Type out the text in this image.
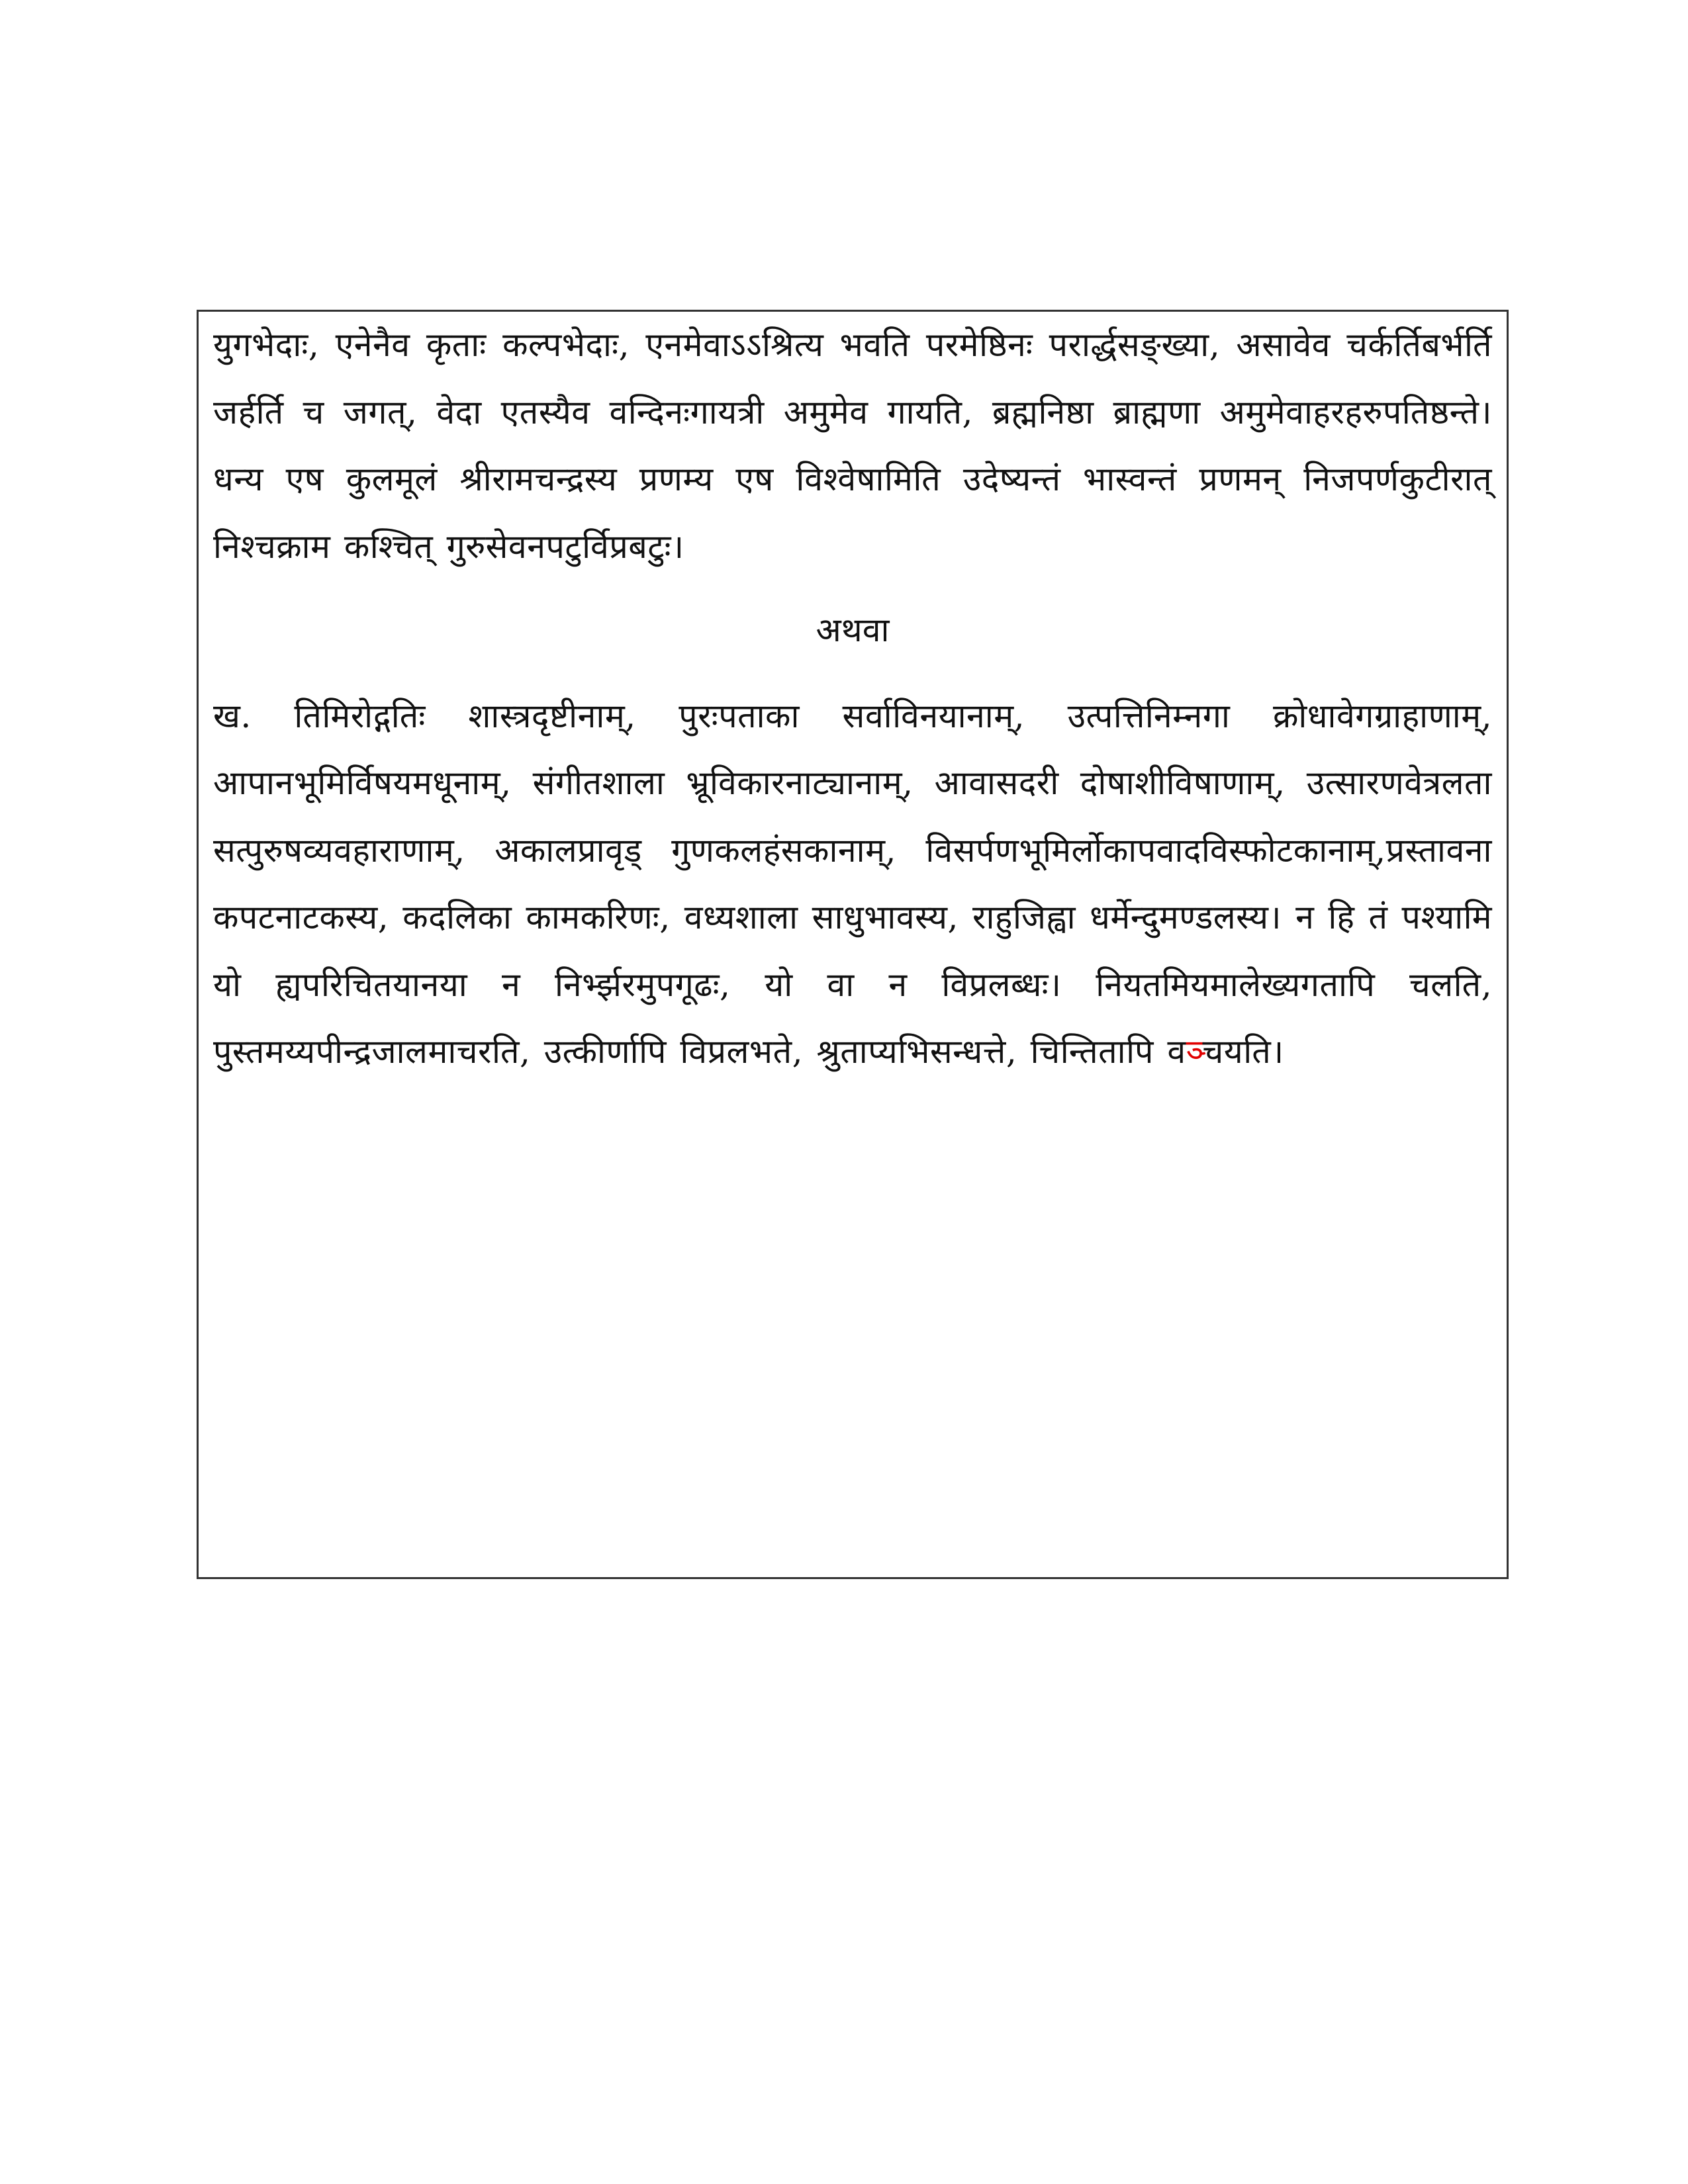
युगभेदाः, एनेनैव कृताः कल्पभेदाः, एनमेवाऽऽश्रित्य भवति परमेष्ठिनः परार्द्धसङ्ख्या, असावेव चर्कर्तिबर्भर्ति जर्हर्ति च जगत्, वेदा एतस्यैव वन्दिनःगायत्री अमुमेव गायति, ब्रह्मनिष्ठा ब्राह्मणा अमुमेवाहरहरुपतिष्ठन्ते। धन्य एष कुलमूलं श्रीरामचन्द्रस्य प्रणम्य एष विश्वेषामिति उदेष्यन्तं भास्वन्तं प्रणमन् निजपर्णकुटीरात् निश्चक्राम कश्चित् गुरुसेवनपटुर्विप्रबटुः।

अथवा

ख. तिमिरोद्गतिः शास्त्रदृष्टीनाम्, पुरःपताका सर्वाविनयानाम्, उत्पत्तिनिम्नगा क्रोधावेगग्राहाणाम्, आपानभूमिर्विषयमधूनाम्, संगीतशाला भ्रूविकारनाट्यानाम्, आवासदरी दोषाशीविषाणाम्, उत्सारणवेत्रलता सत्पुरुषव्यवहाराणाम्, अकालप्रावृड् गुणकलहंसकानाम्, विसर्पणभूमिर्लोकापवादविस्फोटकानाम्,प्रस्तावना कपटनाटकस्य, कदलिका कामकरिणः, वध्यशाला साधुभावस्य, राहुजिह्वा धर्मेन्दुमण्डलस्य। न हि तं पश्यामि यो ह्यपरिचितयानया न निर्भ्झरमुपगूढः, यो वा न विप्रलब्धः। नियतमियमालेख्यगतापि चलति, पुस्तमय्यपीन्द्रजालमाचरति, उत्कीर्णापि विप्रलभते, श्रुताप्यभिसन्धत्ते, चिन्तितापि वञ्चयति।
